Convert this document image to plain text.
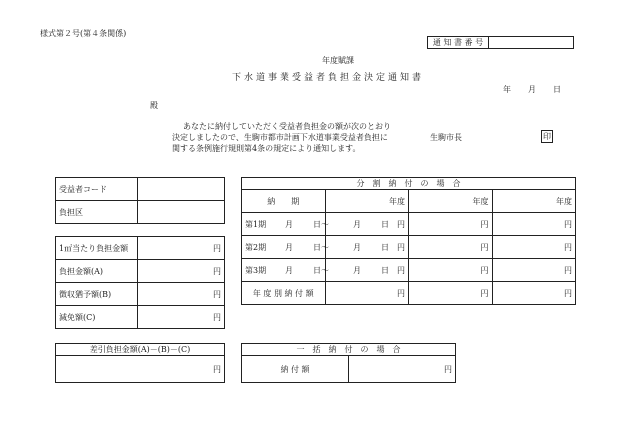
様式第２号(第４条関係)
通 知 書 番 号	
年度賦課
下水道事業受益者負担金決定通知書
年 月 日
殿
あなたに納付していただく受益者負担金の額が次のとおり
決定しましたので、生駒市都市計画下水道事業受益者負担に
関する条例施行規則第4条の規定により通知します。
生駒市長	印
受益者コード	
負担区	
1㎡当たり負担金額	円
負担金額(A)	円
徴収猶予額(B)	円
減免額(C)	円
差引負担金額(A)－(B)－(C)
円
分　割　納　付　の　場　合			
納　　期	年度	年度	年度
第1期 月 日～ 月 日	円	円	円
第2期 月 日～ 月 日	円	円	円
第3期 月 日～ 月 日	円	円	円
年 度 別 納 付 額	円	円	円
一　括　納　付　の　場　合
納 付 額	円
